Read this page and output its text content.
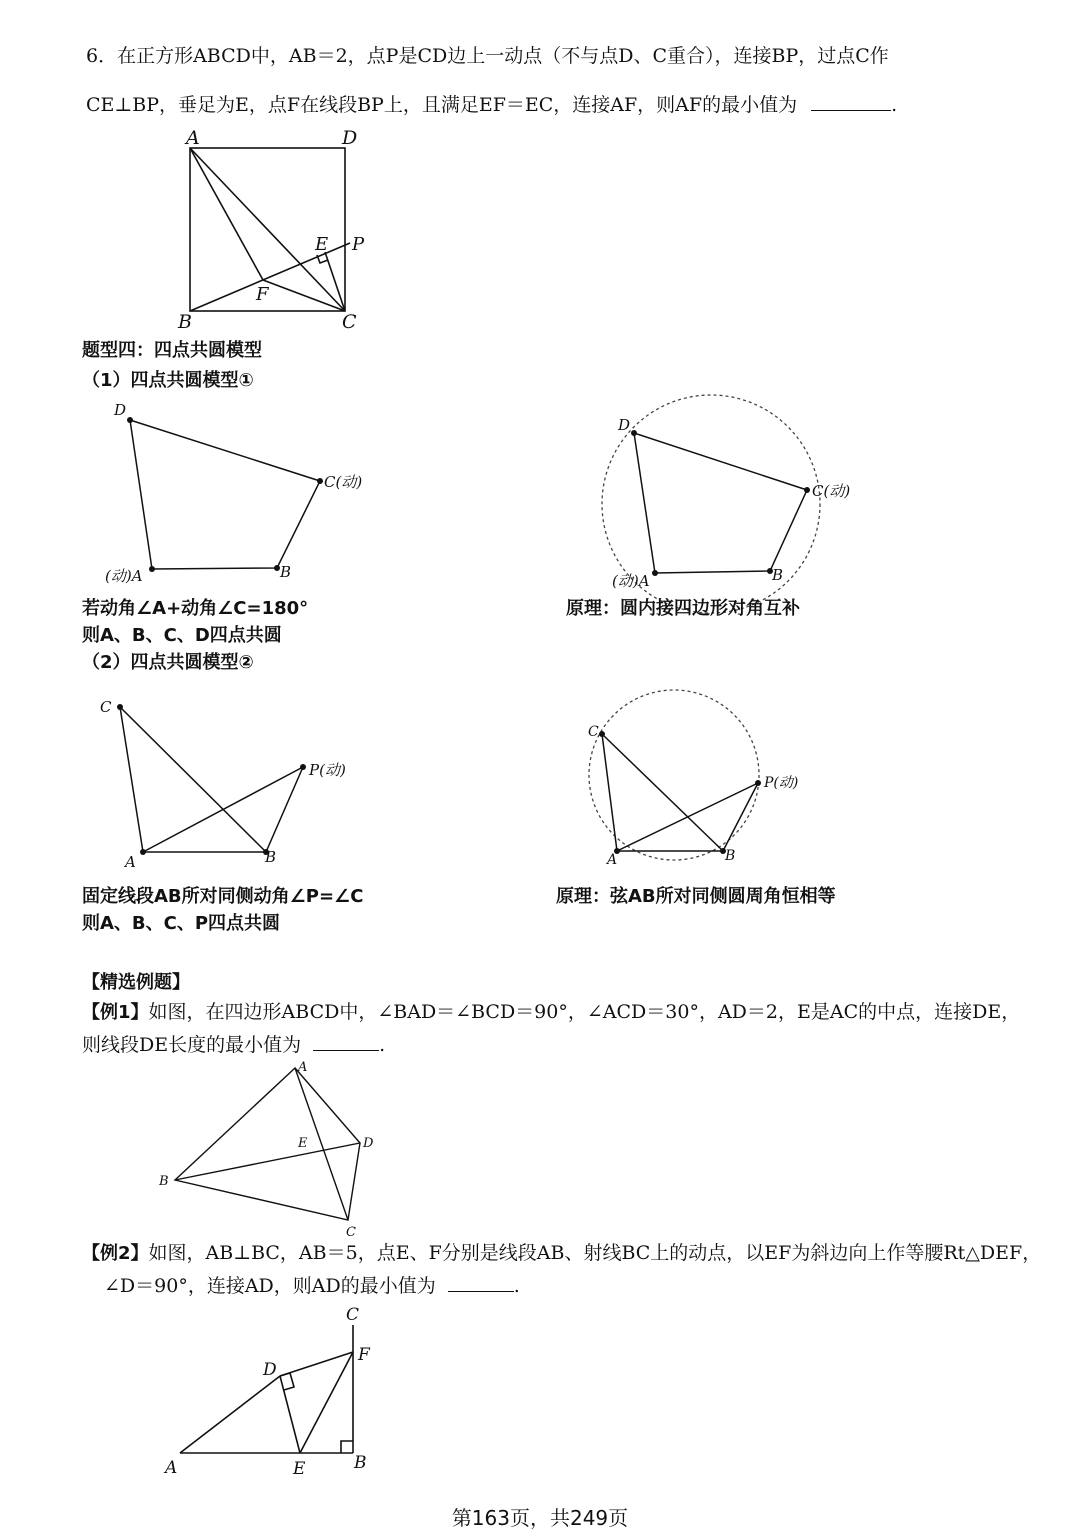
6．在正方形ABCD中，AB＝2，点P是CD边上一动点（不与点D、C重合），连接BP，过点C作
CE⊥BP，垂足为E，点F在线段BP上，且满足EF＝EC，连接AF，则AF的最小值为	.
A	D
B	C
E P
F
题型四：四点共圆模型
（1）四点共圆模型①
D
C(动)
B
(动)A
D
C(动)
B
(动)A
若动角∠A+动角∠C=180°	原理：圆内接四边形对角互补
则A、B、C、D四点共圆
（2）四点共圆模型②
C
P(动)
A	B
C
P(动)
A	B
固定线段AB所对同侧动角∠P=∠C	原理：弦AB所对同侧圆周角恒相等
则A、B、C、P四点共圆
【精选例题】
【例1】如图，在四边形ABCD中，∠BAD＝∠BCD＝90°，∠ACD＝30°，AD＝2，E是AC的中点，连接DE，
则线段DE长度的最小值为	.
A
B
C
D
E
【例2】如图，AB⊥BC，AB＝5，点E、F分别是线段AB、射线BC上的动点，以EF为斜边向上作等腰Rt△DEF，
∠D＝90°，连接AD，则AD的最小值为	.
C
F
D
A	E	B
第163页，共249页
